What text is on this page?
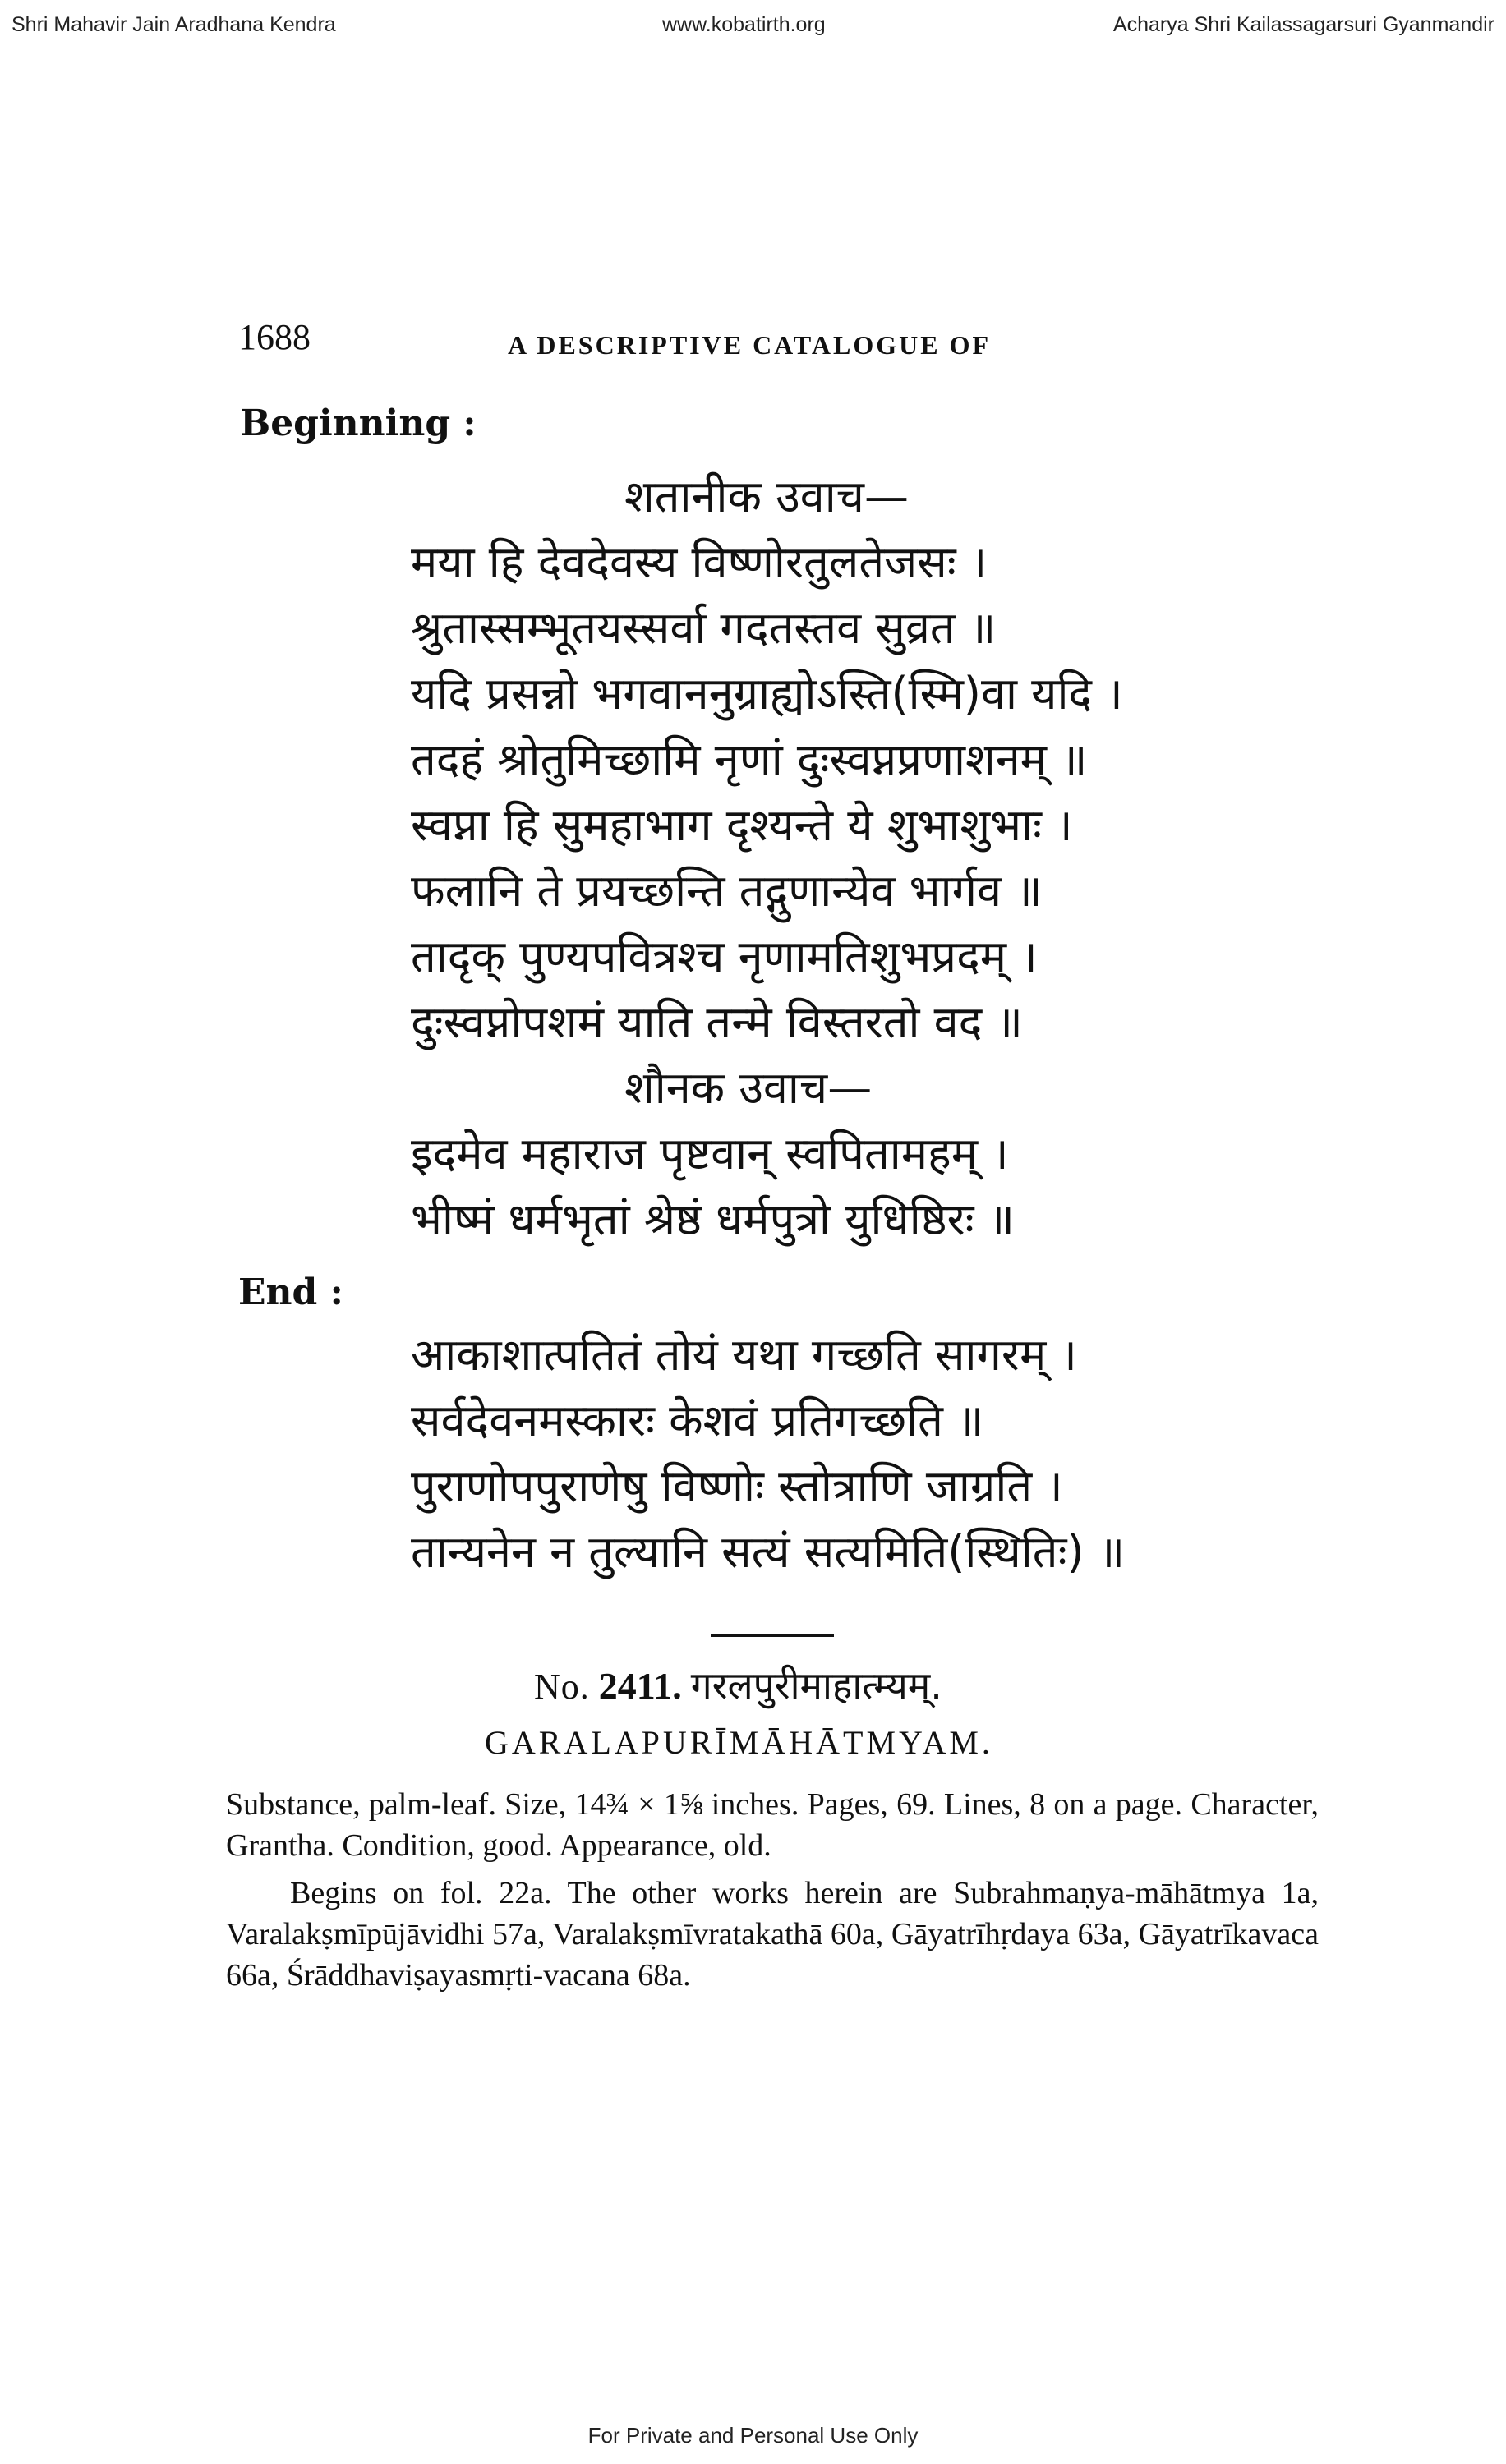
Shri Mahavir Jain Aradhana Kendra	www.kobatirth.org	Acharya Shri Kailassagarsuri Gyanmandir
1688	A DESCRIPTIVE CATALOGUE OF
Beginning :
शतानीक उवाच—
मया हि देवदेवस्य विष्णोरतुलतेजसः ।
श्रुतास्सम्भूतयस्सर्वा गदतस्तव सुव्रत ॥
यदि प्रसन्नो भगवाननुग्राह्योऽस्ति(स्मि)वा यदि ।
तदहं श्रोतुमिच्छामि नृणां दुःस्वप्नप्रणाशनम् ॥
स्वप्ना हि सुमहाभाग दृश्यन्ते ये शुभाशुभाः ।
फलानि ते प्रयच्छन्ति तद्गुणान्येव भार्गव ॥
तादृक् पुण्यपवित्रश्च नृणामतिशुभप्रदम् ।
दुःस्वप्नोपशमं याति तन्मे विस्तरतो वद ॥
शौनक उवाच—
इदमेव महाराज पृष्टवान् स्वपितामहम् ।
भीष्मं धर्मभृतां श्रेष्ठं धर्मपुत्रो युधिष्ठिरः ॥
End :
आकाशात्पतितं तोयं यथा गच्छति सागरम् ।
सर्वदेवनमस्कारः केशवं प्रतिगच्छति ॥
पुराणोपपुराणेषु विष्णोः स्तोत्राणि जाग्रति ।
तान्यनेन न तुल्यानि सत्यं सत्यमिति(स्थितिः) ॥
No. 2411. गरलपुरीमाहात्म्यम्.
GARALAPURĪMĀHĀTMYAM.

Substance, palm-leaf. Size, 14¾ × 1⅝ inches. Pages, 69. Lines, 8 on a page. Character, Grantha. Condition, good. Appearance, old.

Begins on fol. 22a. The other works herein are Subrahmaṇya-māhātmya 1a, Varalakṣmīpūjāvidhi 57a, Varalakṣmīvratakathā 60a, Gāyatrīhṛdaya 63a, Gāyatrīkavaca 66a, Śrāddhaviṣayasmṛti-vacana 68a.

For Private and Personal Use Only
